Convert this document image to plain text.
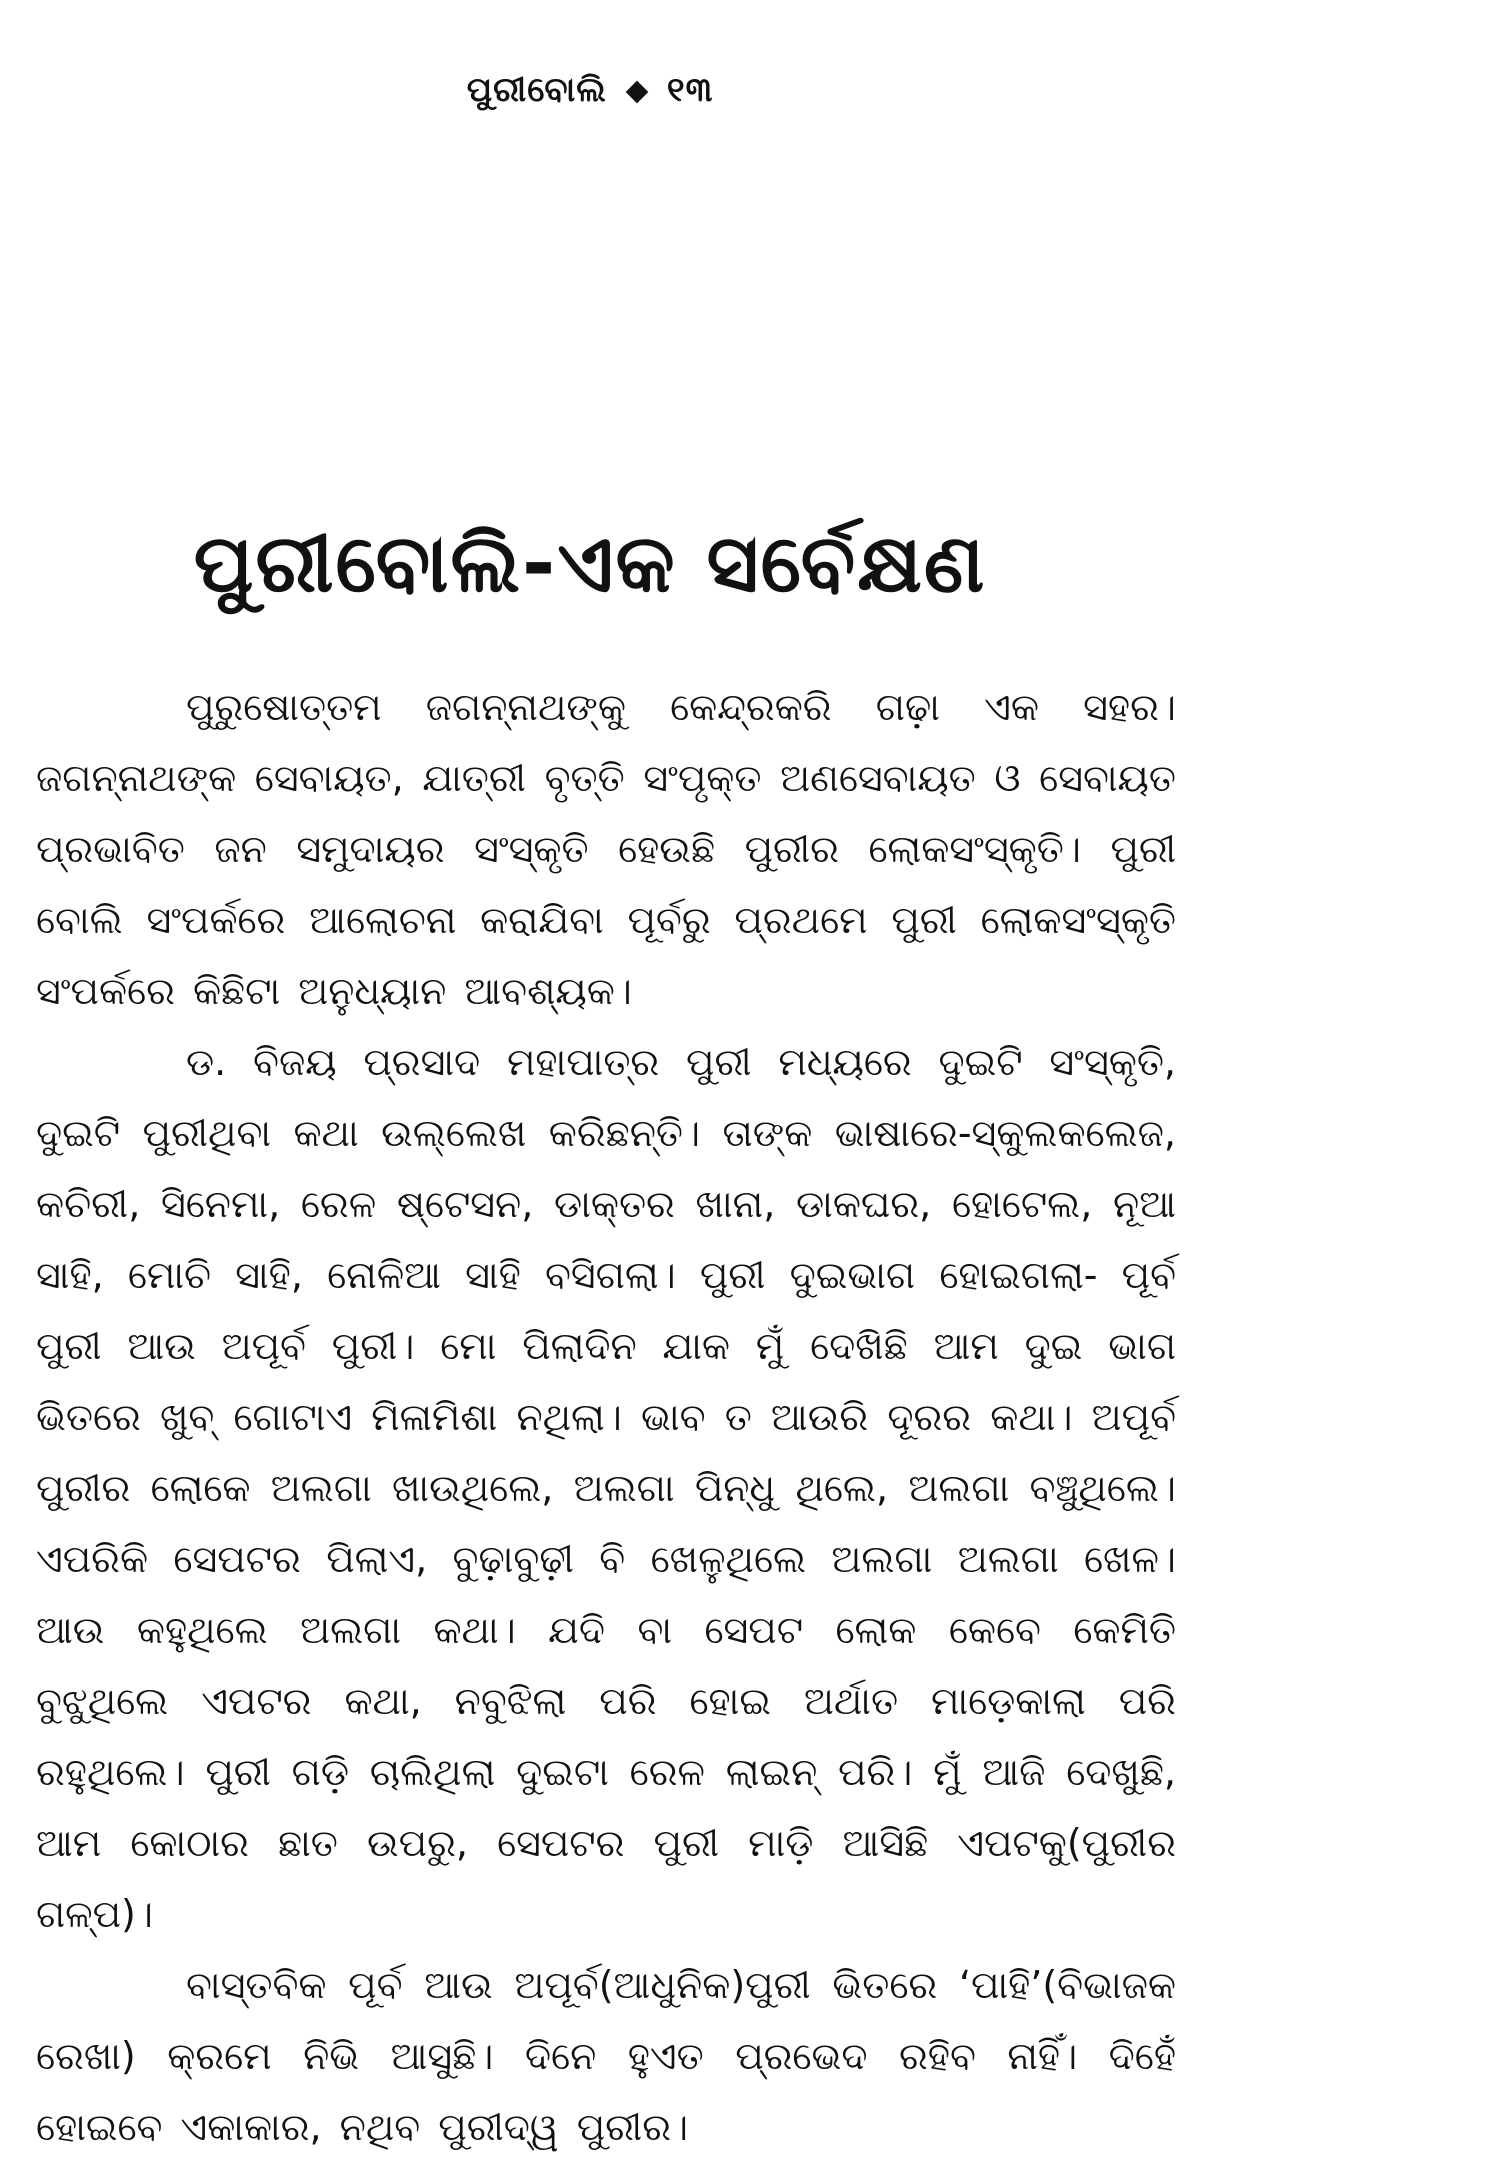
ପୁରୀବୋଲି ୧୩
ପୁରୀବୋଲି-ଏକ ସର୍ବେକ୍ଷଣ

ପୁରୁଷୋତ୍ତମ ଜଗନ୍ନାଥଙ୍କୁ କେନ୍ଦ୍ରକରି ଗଢ଼ା ଏକ ସହର। ଜଗନ୍ନାଥଙ୍କ ସେବାୟତ, ଯାତ୍ରୀ ବୃତ୍ତି ସଂପୃକ୍ତ ଅଣସେବାୟତ ଓ ସେବାୟତ ପ୍ରଭାବିତ ଜନ ସମୁଦାୟର ସଂସ୍କୃତି ହେଉଛି ପୁରୀର ଲୋକସଂସ୍କୃତି। ପୁରୀ ବୋଲି ସଂପର୍କରେ ଆଲୋଚନା କରାଯିବା ପୂର୍ବରୁ ପ୍ରଥମେ ପୁରୀ ଲୋକସଂସ୍କୃତି ସଂପର୍କରେ କିଛିଟା ଅନୁଧ୍ୟାନ ଆବଶ୍ୟକ।

ଡ. ବିଜୟ ପ୍ରସାଦ ମହାପାତ୍ର ପୁରୀ ମଧ୍ୟରେ ଦୁଇଟି ସଂସ୍କୃତି, ଦୁଇଟି ପୁରୀଥିବା କଥା ଉଲ୍ଲେଖ କରିଛନ୍ତି। ତାଙ୍କ ଭାଷାରେ-ସ୍କୁଲକଲେଜ, କଚିରୀ, ସିନେମା, ରେଳ ଷ୍ଟେସନ, ଡାକ୍ତର ଖାନା, ଡାକଘର, ହୋଟେଲ, ନୂଆ ସାହି, ମୋଚି ସାହି, ନୋଳିଆ ସାହି ବସିଗଲା। ପୁରୀ ଦୁଇଭାଗ ହୋଇଗଲା- ପୂର୍ବ ପୁରୀ ଆଉ ଅପୂର୍ବ ପୁରୀ। ମୋ ପିଲାଦିନ ଯାକ ମୁଁ ଦେଖିଛି ଆମ ଦୁଇ ଭାଗ ଭିତରେ ଖୁବ୍ ଗୋଟାଏ ମିଳାମିଶା ନଥିଲା। ଭାବ ତ ଆଉରି ଦୂରର କଥା। ଅପୂର୍ବ ପୁରୀର ଲୋକେ ଅଲଗା ଖାଉଥିଲେ, ଅଲଗା ପିନ୍ଧୁ ଥିଲେ, ଅଲଗା ବଞ୍ଚୁଥିଲେ। ଏପରିକି ସେପଟର ପିଲାଏ, ବୁଢ଼ାବୁଢ଼ୀ ବି ଖେଳୁଥିଲେ ଅଲଗା ଅଲଗା ଖେଳ। ଆଉ କହୁଥିଲେ ଅଲଗା କଥା। ଯଦି ବା ସେପଟ ଲୋକ କେବେ କେମିତି ବୁଝୁଥିଲେ ଏପଟର କଥା, ନବୁଝିଲା ପରି ହୋଇ ଅର୍ଥାତ ମାଡ଼େକାଲା ପରି ରହୁଥିଲେ। ପୁରୀ ଗଡ଼ି ଚାଲିଥିଲା ଦୁଇଟା ରେଳ ଲାଇନ୍ ପରି। ମୁଁ ଆଜି ଦେଖୁଛି, ଆମ କୋଠାର ଛାତ ଉପରୁ, ସେପଟର ପୁରୀ ମାଡ଼ି ଆସିଛି ଏପଟକୁ(ପୁରୀର ଗଳ୍ପ)।

ବାସ୍ତବିକ ପୂର୍ବ ଆଉ ଅପୂର୍ବ(ଆଧୁନିକ)ପୁରୀ ଭିତରେ ‘ପାହି’(ବିଭାଜକ ରେଖା) କ୍ରମେ ନିଭି ଆସୁଛି। ଦିନେ ହୁଏତ ପ୍ରଭେଦ ରହିବ ନାହିଁ। ଦିହେଁ ହୋଇବେ ଏକାକାର, ନଥିବ ପୁରୀଦ୍ୱ ପୁରୀର।
